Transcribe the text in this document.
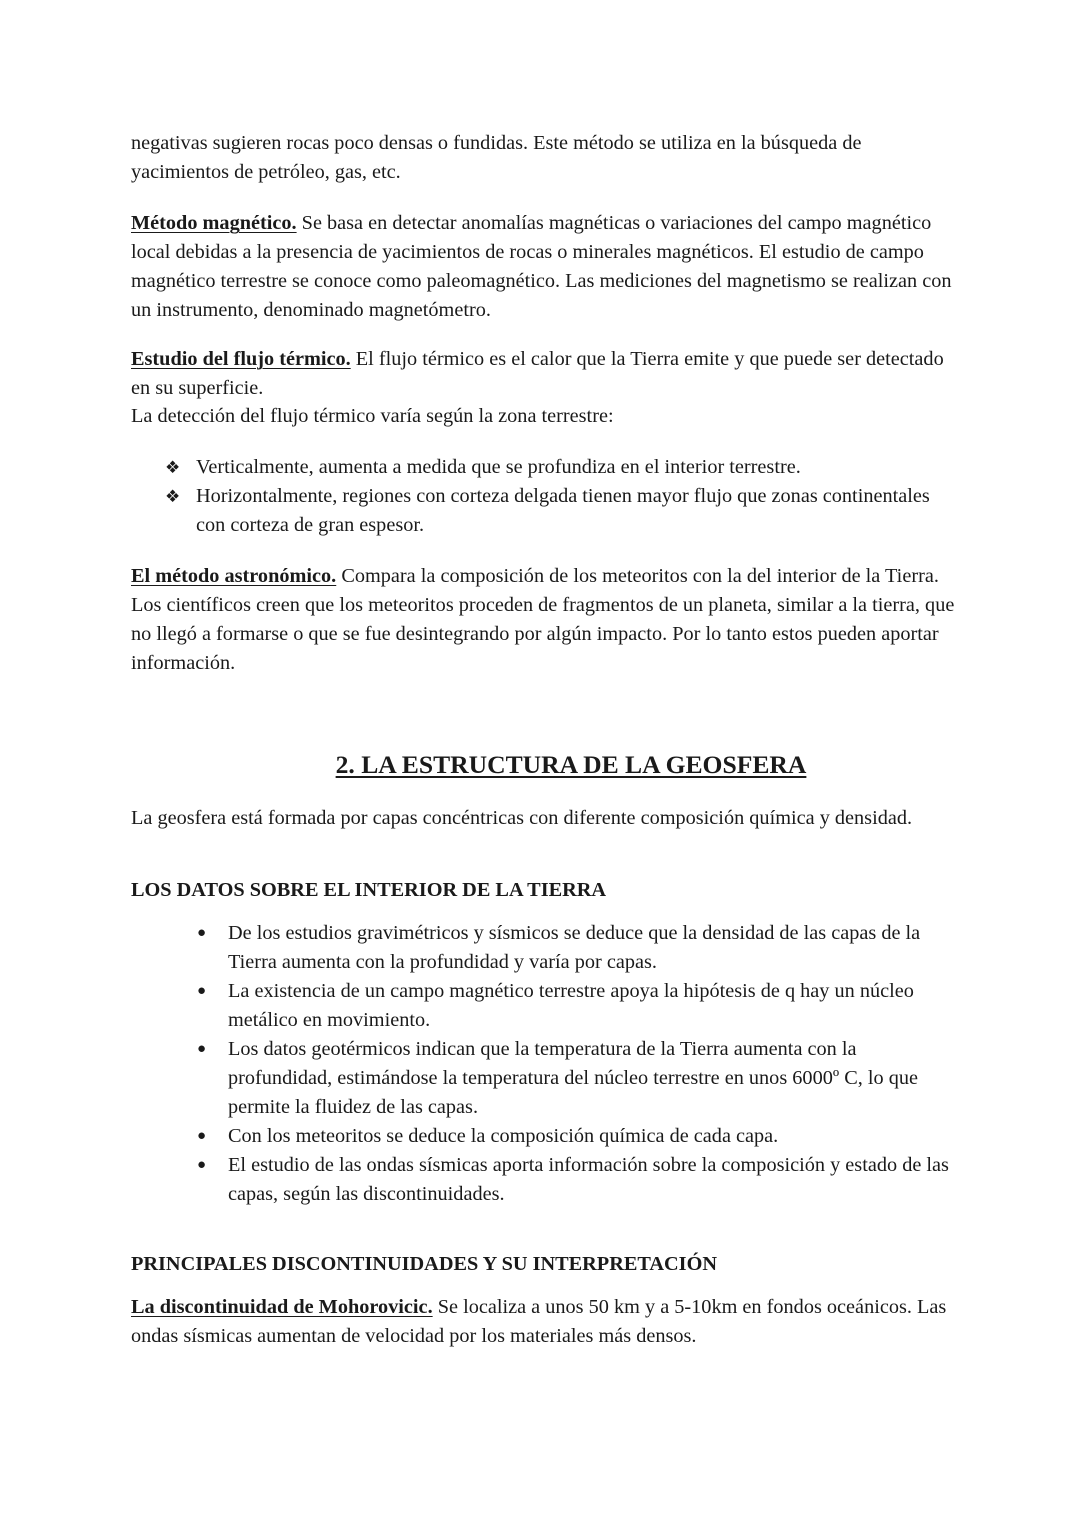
negativas sugieren rocas poco densas o fundidas. Este método se utiliza en la búsqueda de yacimientos de petróleo, gas, etc.

Método magnético. Se basa en detectar anomalías magnéticas o variaciones del campo magnético local debidas a la presencia de yacimientos de rocas o minerales magnéticos. El estudio de campo magnético terrestre se conoce como paleomagnético. Las mediciones del magnetismo se realizan con un instrumento, denominado magnetómetro.

Estudio del flujo térmico. El flujo térmico es el calor que la Tierra emite y que puede ser detectado en su superficie.

La detección del flujo térmico varía según la zona terrestre:

❖ Verticalmente, aumenta a medida que se profundiza en el interior terrestre.
❖ Horizontalmente, regiones con corteza delgada tienen mayor flujo que zonas continentales con corteza de gran espesor.

El método astronómico. Compara la composición de los meteoritos con la del interior de la Tierra. Los científicos creen que los meteoritos proceden de fragmentos de un planeta, similar a la tierra, que no llegó a formarse o que se fue desintegrando por algún impacto. Por lo tanto estos pueden aportar información.

2. LA ESTRUCTURA DE LA GEOSFERA

La geosfera está formada por capas concéntricas con diferente composición química y densidad.

LOS DATOS SOBRE EL INTERIOR DE LA TIERRA
● De los estudios gravimétricos y sísmicos se deduce que la densidad de las capas de la Tierra aumenta con la profundidad y varía por capas.
● La existencia de un campo magnético terrestre apoya la hipótesis de q hay un núcleo metálico en movimiento.
● Los datos geotérmicos indican que la temperatura de la Tierra aumenta con la profundidad, estimándose la temperatura del núcleo terrestre en unos 6000º C, lo que permite la fluidez de las capas.
● Con los meteoritos se deduce la composición química de cada capa.
● El estudio de las ondas sísmicas aporta información sobre la composición y estado de las capas, según las discontinuidades.
PRINCIPALES DISCONTINUIDADES Y SU INTERPRETACIÓN

La discontinuidad de Mohorovicic. Se localiza a unos 50 km y a 5-10km en fondos oceánicos. Las ondas sísmicas aumentan de velocidad por los materiales más densos.
